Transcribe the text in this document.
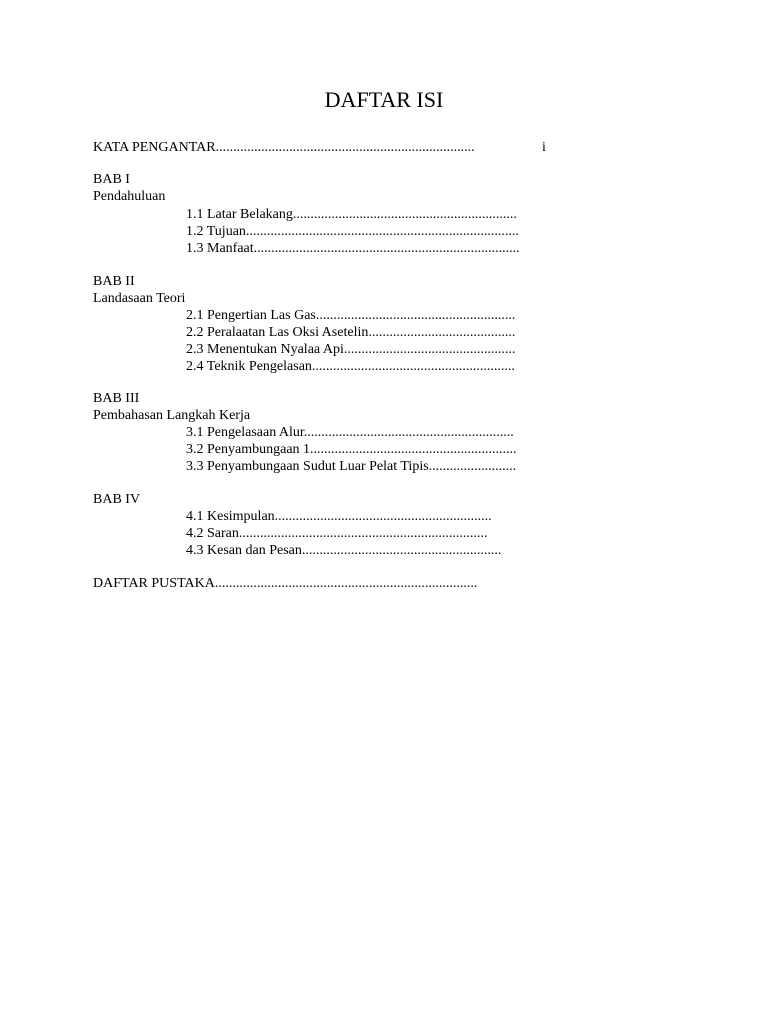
DAFTAR ISI
KATA PENGANTAR..........................................................................	i
BAB I
Pendahuluan
1.1 Latar Belakang................................................................
1.2 Tujuan..............................................................................
1.3 Manfaat............................................................................
BAB II
Landasaan Teori
2.1 Pengertian Las Gas.........................................................
2.2 Peralaatan Las Oksi Asetelin..........................................
2.3 Menentukan Nyalaa Api.................................................
2.4 Teknik Pengelasan..........................................................
BAB III
Pembahasan Langkah Kerja
3.1 Pengelasaan Alur............................................................
3.2 Penyambungaan 1...........................................................
3.3 Penyambungaan Sudut Luar Pelat Tipis.........................
BAB IV
4.1 Kesimpulan..............................................................
4.2 Saran.......................................................................
4.3 Kesan dan Pesan.........................................................
DAFTAR PUSTAKA...........................................................................
